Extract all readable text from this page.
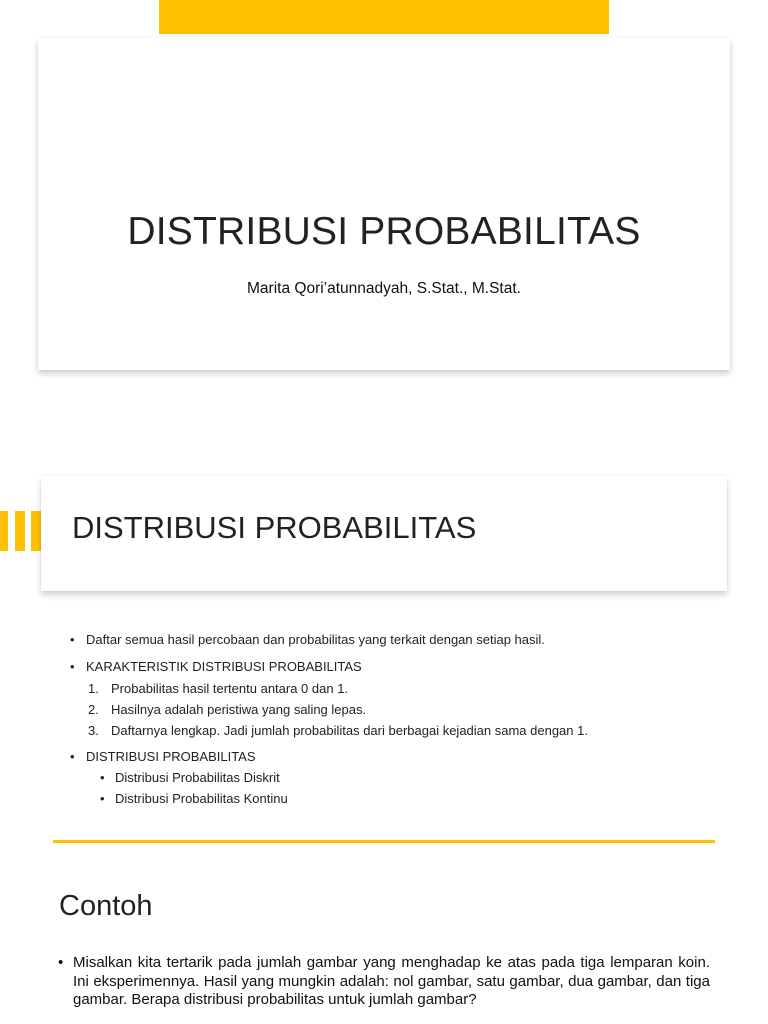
DISTRIBUSI PROBABILITAS
Marita Qori’atunnadyah, S.Stat., M.Stat.
DISTRIBUSI PROBABILITAS
• Daftar semua hasil percobaan dan probabilitas yang terkait dengan setiap hasil.
• KARAKTERISTIK DISTRIBUSI PROBABILITAS
1. Probabilitas hasil tertentu antara 0 dan 1.
2. Hasilnya adalah peristiwa yang saling lepas.
3. Daftarnya lengkap. Jadi jumlah probabilitas dari berbagai kejadian sama dengan 1.
• DISTRIBUSI PROBABILITAS
• Distribusi Probabilitas Diskrit
• Distribusi Probabilitas Kontinu
Contoh
• Misalkan kita tertarik pada jumlah gambar yang menghadap ke atas pada tiga lemparan koin. Ini eksperimennya. Hasil yang mungkin adalah: nol gambar, satu gambar, dua gambar, dan tiga gambar. Berapa distribusi probabilitas untuk jumlah gambar?
